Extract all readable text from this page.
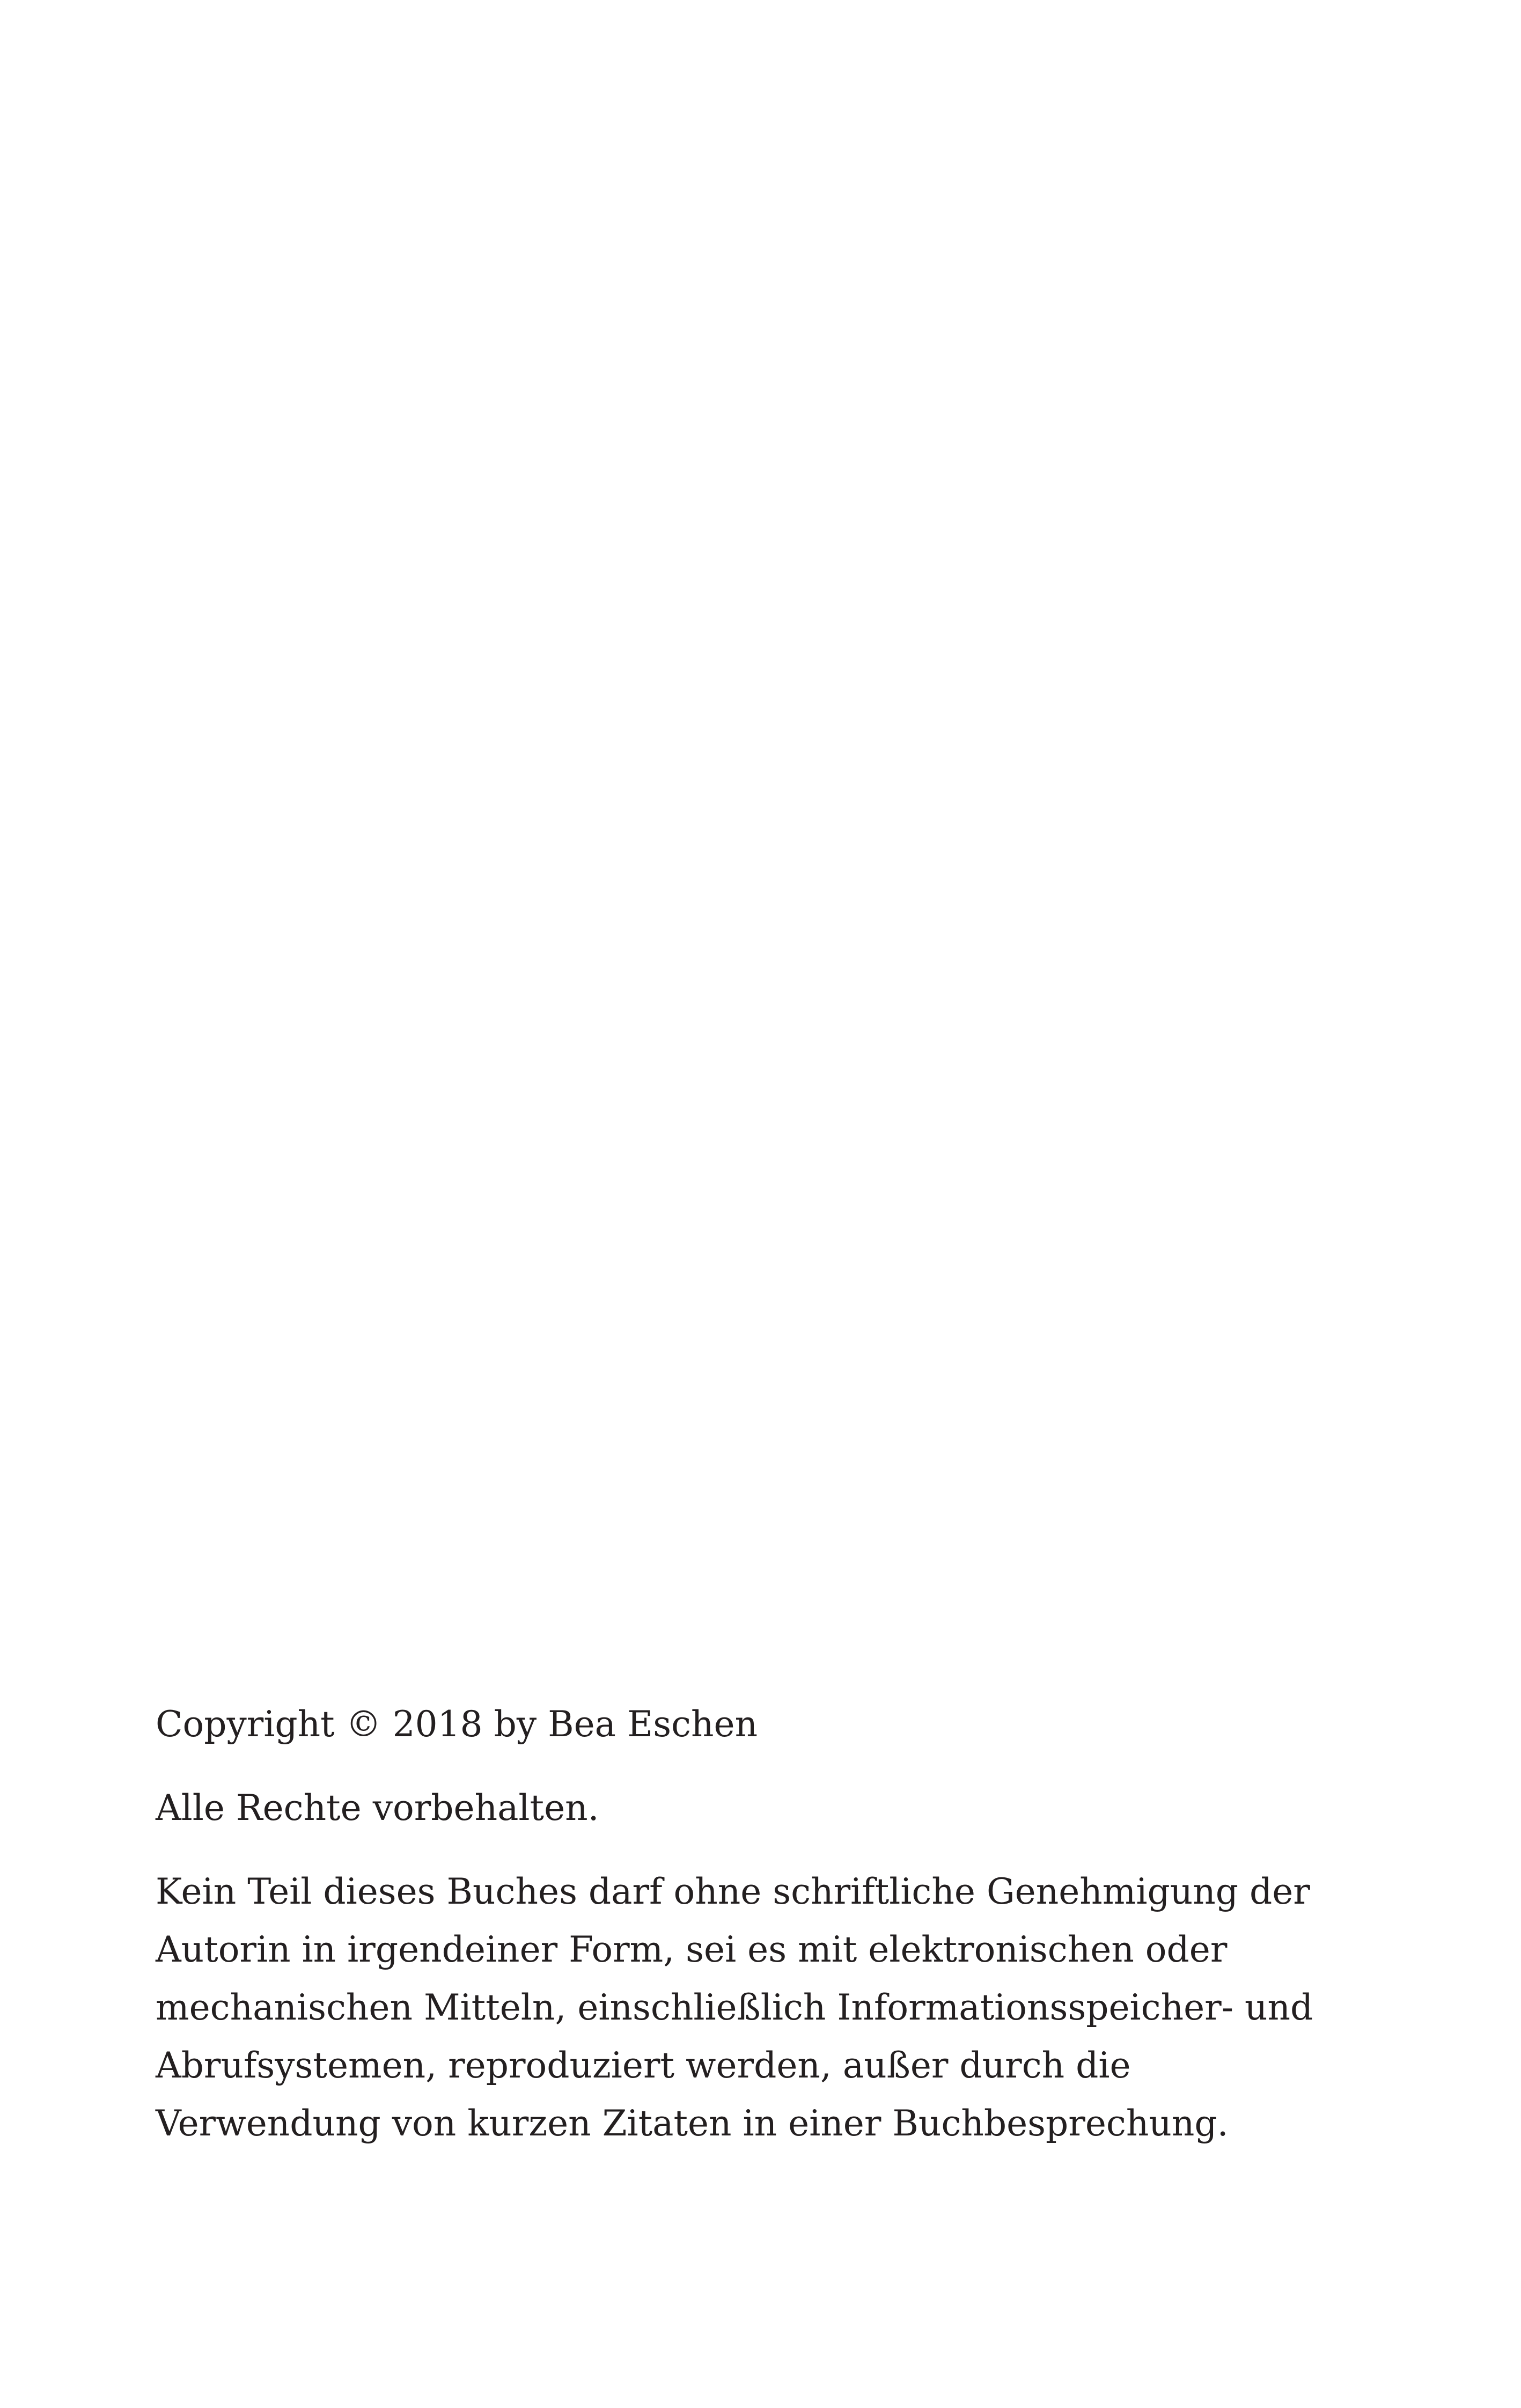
Copyright © 2018 by Bea Eschen

Alle Rechte vorbehalten.

Kein Teil dieses Buches darf ohne schriftliche Genehmigung der
Autorin in irgendeiner Form, sei es mit elektronischen oder
mechanischen Mitteln, einschließlich Informationsspeicher- und
Abrufsystemen, reproduziert werden, außer durch die
Verwendung von kurzen Zitaten in einer Buchbesprechung.
